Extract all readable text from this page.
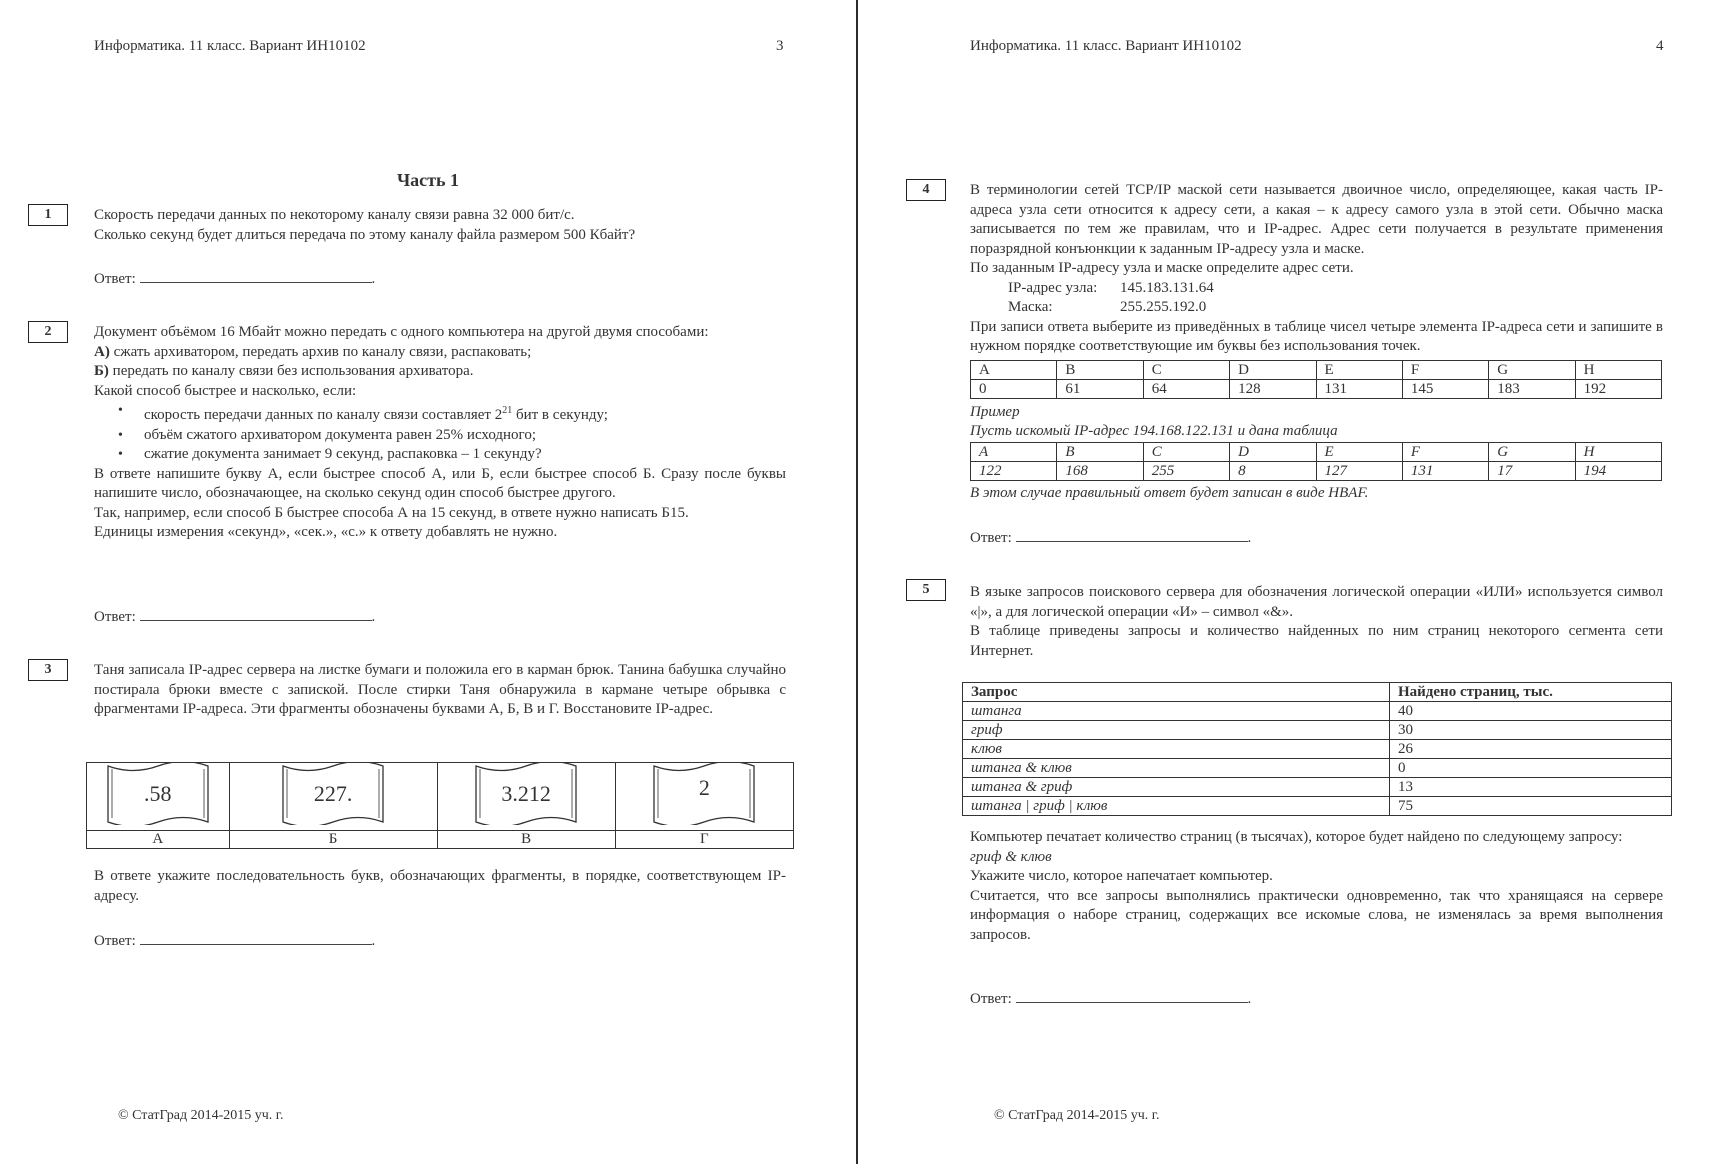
Информатика. 11 класс. Вариант ИН10102	3
Часть 1
1	Скорость передачи данных по некоторому каналу связи равна 32 000 бит/с.

Сколько секунд будет длиться передача по этому каналу файла размером 500 Кбайт?

Ответ:	.
2	Документ объёмом 16 Мбайт можно передать с одного компьютера на другой двумя способами:

А) сжать архиватором, передать архив по каналу связи, распаковать;

Б) передать по каналу связи без использования архиватора.

Какой способ быстрее и насколько, если:

• скорость передачи данных по каналу связи составляет $2^{21}$ бит в секунду;
• объём сжатого архиватором документа равен 25% исходного;
• сжатие документа занимает 9 секунд, распаковка – 1 секунду?

В ответе напишите букву А, если быстрее способ А, или Б, если быстрее способ Б. Сразу после буквы напишите число, обозначающее, на сколько секунд один способ быстрее другого.

Так, например, если способ Б быстрее способа А на 15 секунд, в ответе нужно написать Б15.

Единицы измерения «секунд», «сек.», «с.» к ответу добавлять не нужно.

Ответ:	.
3	Таня записала IP-адрес сервера на листке бумаги и положила его в карман брюк. Танина бабушка случайно постирала брюки вместе с запиской. После стирки Таня обнаружила в кармане четыре обрывка с фрагментами IP-адреса. Эти фрагменты обозначены буквами А, Б, В и Г. Восстановите IP-адрес.
.58	227.	3.212	2

А	Б	В	Г
В ответе укажите последовательность букв, обозначающих фрагменты, в порядке, соответствующем IP-адресу.
Ответ:	.
© СтатГрад 2014-2015 уч. г.
Информатика. 11 класс. Вариант ИН10102	4
4	В терминологии сетей TCP/IP маской сети называется двоичное число, определяющее, какая часть IP-адреса узла сети относится к адресу сети, а какая – к адресу самого узла в этой сети. Обычно маска записывается по тем же правилам, что и IP-адрес. Адрес сети получается в результате применения поразрядной конъюнкции к заданным IP-адресу узла и маске.

По заданным IP-адресу узла и маске определите адрес сети.

IP-адрес узла: 145.183.131.64

Маска:	255.255.192.0

При записи ответа выберите из приведённых в таблице чисел четыре элемента IP-адреса сети и запишите в нужном порядке соответствующие им буквы без использования точек.

A	B	C	D	E	F	G	H
0	61	64	128	131	145	183	192
Пример
Пусть искомый IP-адрес 194.168.122.131 и дана таблица
A	B	C	D	E	F	G	H
122	168	255	8	127	131	17	194
В этом случае правильный ответ будет записан в виде HBAF.
Ответ:	.
5	В языке запросов поискового сервера для обозначения логической операции «ИЛИ» используется символ «|», а для логической операции «И» – символ «&».

В таблице приведены запросы и количество найденных по ним страниц некоторого сегмента сети Интернет.

Запрос	Найдено страниц, тыс.
штанга	40
гриф	30
клюв	26
штанга & клюв	0
штанга & гриф	13
штанга | гриф | клюв	75

Компьютер печатает количество страниц (в тысячах), которое будет найдено по следующему запросу:

гриф & клюв

Укажите число, которое напечатает компьютер.

Считается, что все запросы выполнялись практически одновременно, так что хранящаяся на сервере информация о наборе страниц, содержащих все искомые слова, не изменялась за время выполнения запросов.

Ответ:	.
© СтатГрад 2014-2015 уч. г.
